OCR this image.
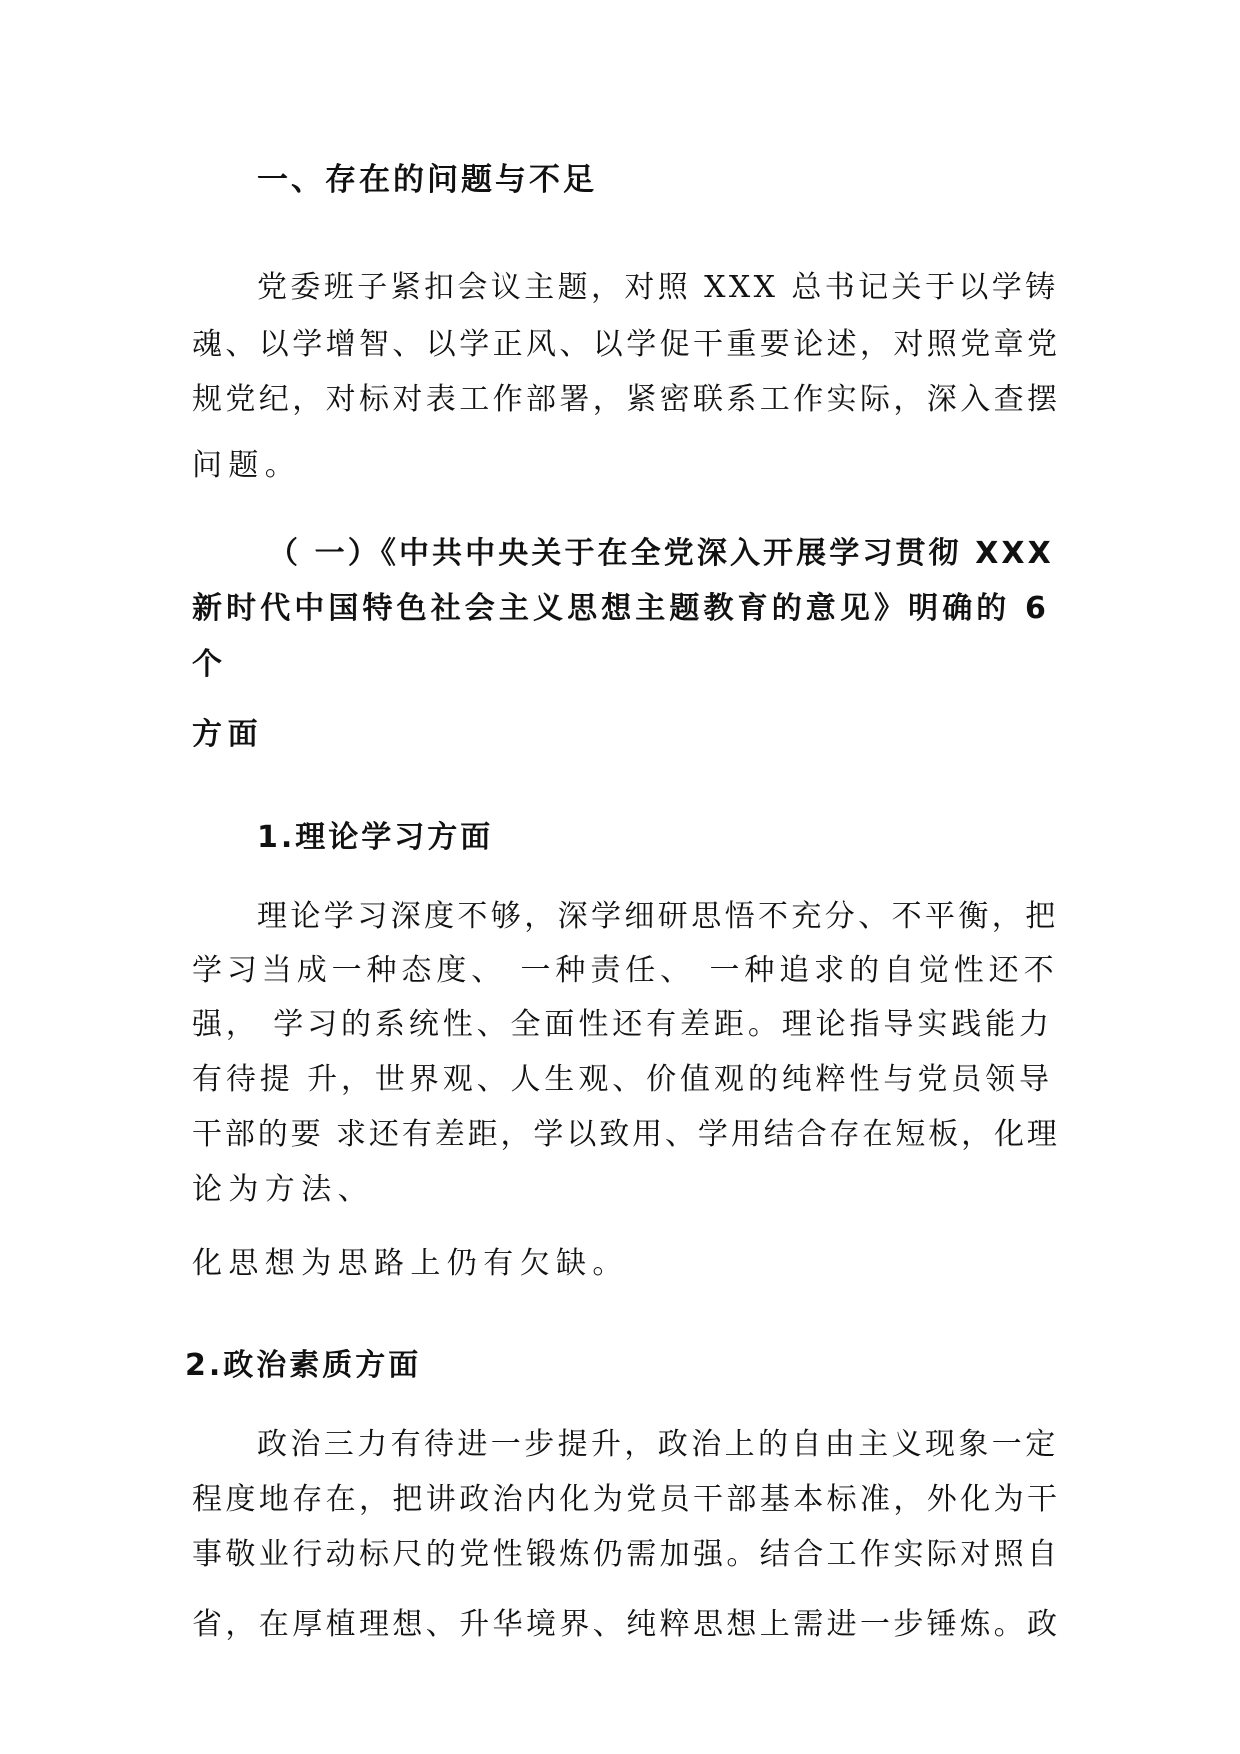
一、存在的问题与不足
党委班子紧扣会议主题，对照 XXX 总书记关于以学铸
魂、以学增智、以学正风、以学促干重要论述，对照党章党
规党纪，对标对表工作部署，紧密联系工作实际，深入查摆
问题。
（ 一）《中共中央关于在全党深入开展学习贯彻 XXX
新时代中国特色社会主义思想主题教育的意见》明确的 6
个
方面
1.理论学习方面
理论学习深度不够，深学细研思悟不充分、不平衡，把
学习当成一种态度、 一种责任、 一种追求的自觉性还不
强， 学习的系统性、全面性还有差距。理论指导实践能力
有待提 升，世界观、人生观、价值观的纯粹性与党员领导
干部的要 求还有差距，学以致用、学用结合存在短板，化理
论为方法、
化思想为思路上仍有欠缺。
2.政治素质方面
政治三力有待进一步提升，政治上的自由主义现象一定
程度地存在，把讲政治内化为党员干部基本标准，外化为干
事敬业行动标尺的党性锻炼仍需加强。结合工作实际对照自
省，在厚植理想、升华境界、纯粹思想上需进一步锤炼。政
